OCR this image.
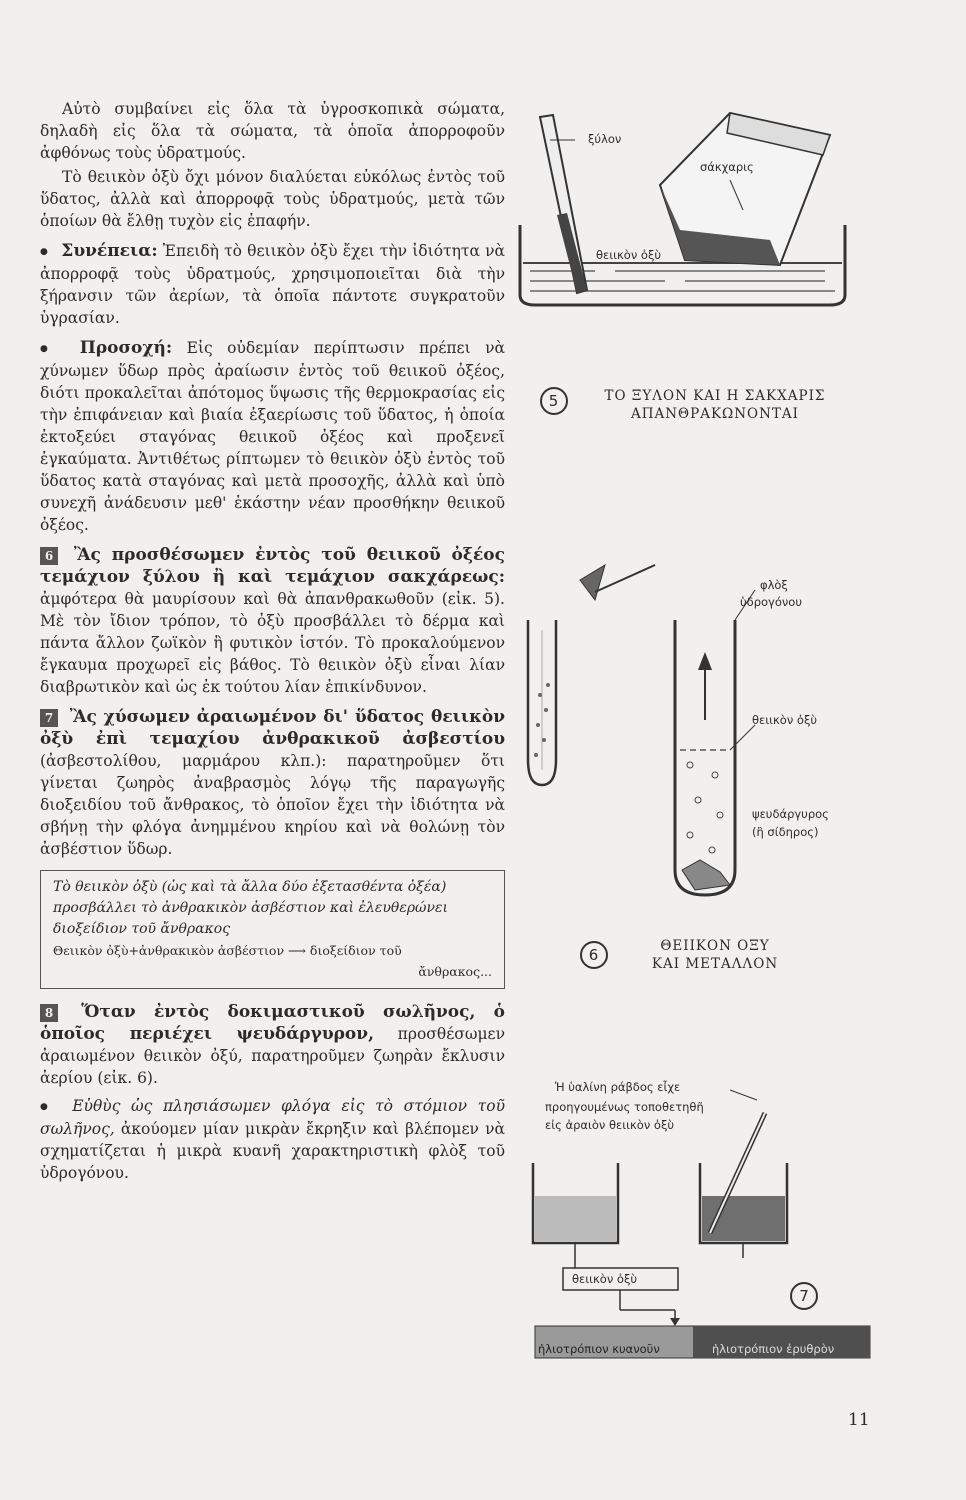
Αὐτὸ συμβαίνει εἰς ὅλα τὰ ὑγροσκοπικὰ σώματα, δηλαδὴ εἰς ὅλα τὰ σώματα, τὰ ὁποῖα ἀπορροφοῦν ἀφθόνως τοὺς ὑδρατμούς.

Τὸ θειικὸν ὀξὺ ὄχι μόνον διαλύεται εὐκόλως ἐντὸς τοῦ ὕδατος, ἀλλὰ καὶ ἀπορροφᾷ τοὺς ὑδρατμούς, μετὰ τῶν ὁποίων θὰ ἔλθῃ τυχὸν εἰς ἐπαφήν.

● Συνέπεια: Ἐπειδὴ τὸ θειικὸν ὀξὺ ἔχει τὴν ἰδιότητα νὰ ἀπορροφᾷ τοὺς ὑδρατμούς, χρησιμοποιεῖται διὰ τὴν ξήρανσιν τῶν ἀερίων, τὰ ὁποῖα πάντοτε συγκρατοῦν ὑγρασίαν.

● Προσοχή: Εἰς οὐδεμίαν περίπτωσιν πρέπει νὰ χύνωμεν ὕδωρ πρὸς ἀραίωσιν ἐντὸς τοῦ θειικοῦ ὀξέος, διότι προκαλεῖται ἀπότομος ὕψωσις τῆς θερμοκρασίας εἰς τὴν ἐπιφάνειαν καὶ βιαία ἐξαερίωσις τοῦ ὕδατος, ἡ ὁποία ἐκτοξεύει σταγόνας θειικοῦ ὀξέος καὶ προξενεῖ ἐγκαύματα. Ἀντιθέτως ρίπτωμεν τὸ θειικὸν ὀξὺ ἐντὸς τοῦ ὕδατος κατὰ σταγόνας καὶ μετὰ προσοχῆς, ἀλλὰ καὶ ὑπὸ συνεχῆ ἀνάδευσιν μεθ' ἑκάστην νέαν προσθήκην θειικοῦ ὀξέος.

6 Ἂς προσθέσωμεν ἐντὸς τοῦ θειικοῦ ὀξέος τεμάχιον ξύλου ἢ καὶ τεμάχιον σακχάρεως: ἀμφότερα θὰ μαυρίσουν καὶ θὰ ἀπανθρακωθοῦν (εἰκ. 5). Μὲ τὸν ἴδιον τρόπον, τὸ ὀξὺ προσβάλλει τὸ δέρμα καὶ πάντα ἄλλον ζωϊκὸν ἢ φυτικὸν ἱστόν. Τὸ προκαλούμενον ἔγκαυμα προχωρεῖ εἰς βάθος. Τὸ θειικὸν ὀξὺ εἶναι λίαν διαβρωτικὸν καὶ ὡς ἐκ τούτου λίαν ἐπικίνδυνον.

7 Ἂς χύσωμεν ἀραιωμένον δι' ὕδατος θειικὸν ὀξὺ ἐπὶ τεμαχίου ἀνθρακικοῦ ἀσβεστίου (ἀσβεστολίθου, μαρμάρου κλπ.): παρατηροῦμεν ὅτι γίνεται ζωηρὸς ἀναβρασμὸς λόγῳ τῆς παραγωγῆς διοξειδίου τοῦ ἄνθρακος, τὸ ὁποῖον ἔχει τὴν ἰδιότητα νὰ σβήνῃ τὴν φλόγα ἀνημμένου κηρίου καὶ νὰ θολώνῃ τὸν ἀσβέστιον ὕδωρ.

Τὸ θειικὸν ὀξὺ (ὡς καὶ τὰ ἄλλα δύο ἐξετασθέντα ὀξέα) προσβάλλει τὸ ἀνθρακικὸν ἀσβέστιον καὶ ἐλευθερώνει διοξείδιον τοῦ ἄνθρακος
Θειικὸν ὀξὺ+ἀνθρακικὸν ἀσβέστιον ⟶ διοξείδιον τοῦ
ἄνθρακος...

8 Ὅταν ἐντὸς δοκιμαστικοῦ σωλῆνος, ὁ ὁποῖος περιέχει ψευδάργυρον, προσθέσωμεν ἀραιωμένον θειικὸν ὀξύ, παρατηροῦμεν ζωηρὰν ἔκλυσιν ἀερίου (εἰκ. 6).

● Εὐθὺς ὡς πλησιάσωμεν φλόγα εἰς τὸ στόμιον τοῦ σωλῆνος, ἀκούομεν μίαν μικρὰν ἔκρηξιν καὶ βλέπομεν νὰ σχηματίζεται ἡ μικρὰ κυανῆ χαρακτηριστικὴ φλὸξ τοῦ ὑδρογόνου.

ξύλον
σάκχαρις
θειικὸν ὀξὺ
5	ΤΟ ΞΥΛΟΝ ΚΑΙ Η ΣΑΚΧΑΡΙΣ
ΑΠΑΝΘΡΑΚΩΝΟΝΤΑΙ
φλὸξ
ὑδρογόνου
θειικὸν ὀξὺ
ψευδάργυρος
(ἢ σίδηρος)
6	ΘΕΙΙΚΟΝ ΟΞΥ
ΚΑΙ ΜΕΤΑΛΛΟΝ
Ἡ ὑαλίνη ράβδος εἶχε
προηγουμένως τοποθετηθῆ
εἰς ἀραιὸν θειικὸν ὀξὺ
θειικὸν ὀξὺ
7
ἡλιοτρόπιον κυανοῦν	ἡλιοτρόπιον ἐρυθρὸν
11
